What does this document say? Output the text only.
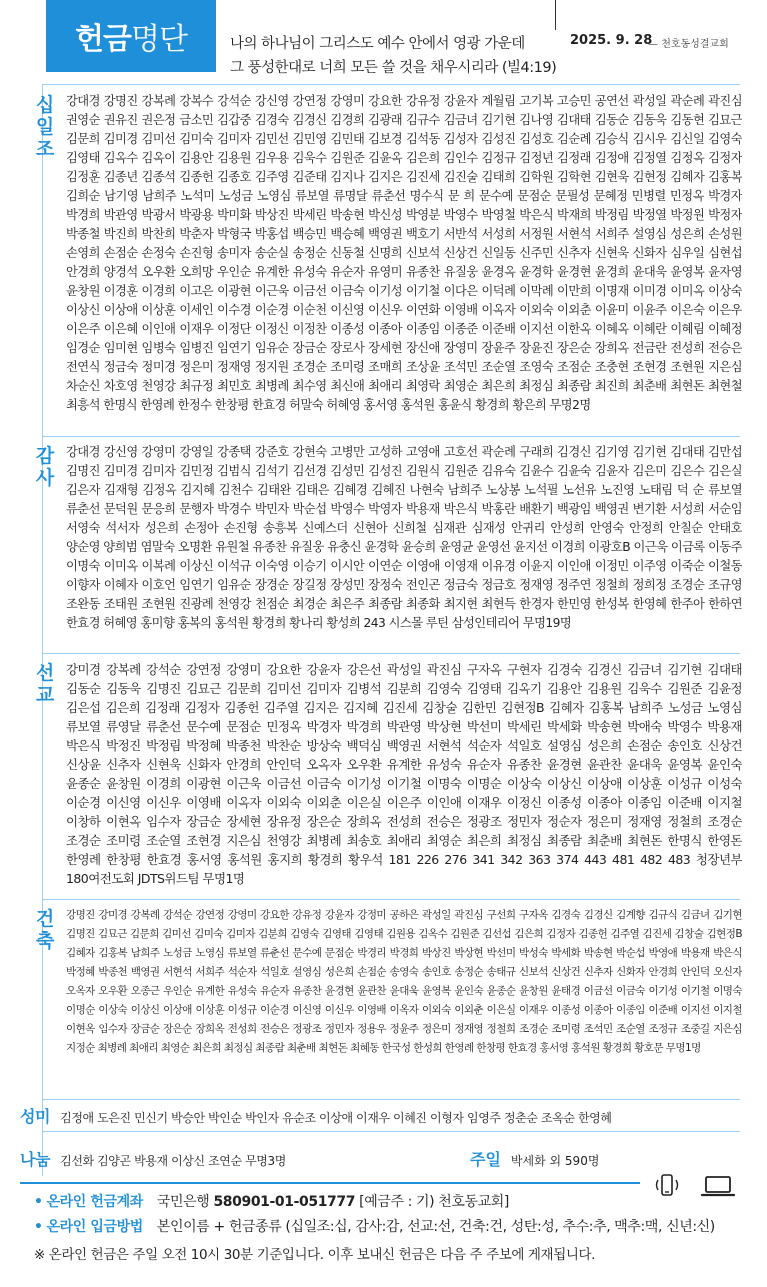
헌금 명단	나의 하나님이 그리스도 예수 안에서 영광 가운데
그 풍성한대로 너희 모든 쓸 것을 채우시리라 (빌4:19)
2025. 9. 28
— 천호동성결교회
십
일
조
강대경 강명진 강복례 강복수 강석순 강신영 강연정 강영미 강요한 강유정 강윤자 계월림 고기복 고승민 공연선 곽성일 곽순례 곽진심 권영순 권유진 권은정 금소민 김갑중 김경숙 김경신 김경희 김광래 김규수 김금녀 김기현 김나영 김대태 김동순 김동욱 김동현 김묘근 김문희 김미경 김미선 김미숙 김미자 김민선 김민영 김민태 김보경 김석동 김성자 김성진 김성호 김순례 김승식 김시우 김신일 김영숙 김영태 김옥수 김옥이 김용안 김용원 김우용 김욱수 김원준 김윤옥 김은희 김인수 김정규 김정년 김정래 김정애 김정열 김정옥 김정자 김정훈 김종년 김종석 김종헌 김종호 김주영 김준태 김지나 김지은 김진세 김진술 김태희 김학원 김학현 김현욱 김현정 김혜자 김홍복 김희순 남기영 남희주 노석미 노성금 노영심 류보열 류명달 류춘선 명수식 문 희 문수예 문점순 문필성 문혜정 민병렬 민정옥 박경자 박경희 박관영 박광서 박광용 박미화 박상진 박세린 박송현 박신성 박영분 박영수 박영철 박은식 박재희 박정림 박정열 박정원 박정자 박종철 박진희 박찬희 박춘자 박형국 박홍섭 백승민 백승혜 백영권 백호기 서반석 서성희 서정원 서현석 서희주 설영심 성은희 손성원 손영희 손점순 손정숙 손진형 송미자 송순실 송정순 신동철 신명희 신보석 신상건 신일동 신주민 신추자 신현욱 신화자 심우일 심현섭 안경희 양경석 오우환 오희망 우인순 유계한 유성숙 유순자 유영미 유종찬 유질웅 윤경옥 윤경학 윤경현 윤경희 윤대욱 윤영복 윤자영 윤창원 이경훈 이경희 이고은 이광현 이근욱 이금선 이금숙 이기성 이기철 이다은 이덕례 이막례 이만희 이명재 이미경 이미옥 이상숙 이상신 이상애 이상훈 이세인 이수경 이순경 이순천 이신영 이신우 이연화 이영배 이옥자 이외숙 이외춘 이윤미 이윤주 이은숙 이은우 이은주 이은혜 이인애 이재우 이정단 이정신 이정찬 이종성 이종아 이종임 이종준 이준배 이지선 이한옥 이혜옥 이혜란 이혜림 이혜정 임경순 임미현 임병숙 임병진 임연기 임유순 장금순 장로사 장세현 장신애 장영미 장윤주 장윤진 장은순 장희옥 전금란 전성희 전승은 전연식 정금숙 정미경 정은미 정재영 정지원 조경순 조미령 조매희 조상윤 조석민 조순열 조영숙 조점순 조충현 조현경 조현원 지은심 차순신 차호영 천영강 최규정 최민호 최병례 최수영 최신애 최애리 최영락 최영순 최은희 최정심 최종람 최진희 최춘배 최현돈 최현철 최흥석 한명식 한영례 한정수 한창평 한효경 허말숙 허혜영 홍서영 홍석원 홍윤식 황경희 황은희 무명2명
감
사
강대경 강신영 강영미 강영일 강종택 강준호 강현숙 고병만 고성하 고영애 고호선 곽순례 구래희 김경신 김기영 김기현 김대태 김만섭 김명진 김미경 김미자 김민정 김범식 김석기 김선경 김성민 김성진 김원식 김원준 김유숙 김윤수 김윤숙 김윤자 김은미 김은수 김은실 김은자 김재형 김정옥 김지혜 김천수 김태완 김태은 김혜경 김혜진 나현숙 남희주 노상봉 노석필 노선유 노진영 노태림 덕 순 류보열 류춘선 문덕원 문응희 문행자 박경수 박민자 박순섭 박영수 박영자 박용재 박은식 박홍란 배환기 백광임 백영권 변기환 서성희 서순임 서영숙 석서자 성은희 손정아 손진형 송흥복 신예스더 신현아 신희철 심재관 심재성 안귀리 안성희 안영숙 안정희 안칠순 안태호 양순영 양희범 염말숙 오명환 유원철 유종찬 유질웅 유충신 윤경학 윤승희 윤영균 윤영선 윤지선 이경희 이광호B 이근욱 이금록 이동주 이명숙 이미옥 이복례 이상신 이석규 이숙영 이승기 이시안 이연순 이영애 이영재 이유경 이윤지 이인애 이정민 이주영 이죽순 이철동 이향자 이혜자 이호언 임연기 임유순 장경순 장길정 장성민 장정숙 전인곤 정금숙 정금호 정재영 정주연 정철희 정희정 조경순 조규영 조완동 조태원 조현원 진광례 천영강 천점순 최경순 최은주 최종람 최종화 최지현 최현득 한경자 한민영 한성복 한영혜 한주아 한하연 한효경 허혜영 홍미향 홍복의 홍석원 황경희 황나리 황성희 243 시스몰 루틴 삼성인테리어 무명19명
선
교
강미경 강복례 강석순 강연정 강영미 강요한 강윤자 강은선 곽성일 곽진심 구자옥 구현자 김경숙 김경신 김금녀 김기현 김대태 김동순 김동욱 김명진 김묘근 김문희 김미선 김미자 김병석 김분희 김영숙 김영태 김옥기 김용안 김용원 김욱수 김원준 김윤정 김은섭 김은희 김정래 김정자 김종헌 김주열 김지은 김지혜 김진세 김창술 김한민 김현정B 김혜자 김홍복 남희주 노성금 노영심 류보열 류영달 류춘선 문수예 문점순 민정옥 박경자 박경희 박관영 박상현 박선미 박세린 박세화 박송현 박애숙 박영수 박용재 박은식 박정진 박정림 박정혜 박종천 박찬순 방상숙 백덕심 백영권 서현석 석순자 석일호 설영심 성은희 손점순 송인호 신상건 신상윤 신추자 신현욱 신화자 안경희 안인덕 오옥자 오우환 유계한 유성숙 유순자 유종찬 윤경현 윤관찬 윤대욱 윤영복 윤인숙 윤종순 윤창원 이경희 이광현 이근욱 이금선 이금숙 이기성 이기철 이명숙 이명순 이상숙 이상신 이상애 이상훈 이성규 이성숙 이순경 이신영 이신우 이영배 이옥자 이외숙 이외춘 이은실 이은주 이인애 이재우 이정신 이종성 이종아 이종임 이준배 이지철 이창하 이현옥 임수자 장금순 장세현 장유정 장은순 장희옥 전성희 전승은 정광조 정민자 정순자 정은미 정재영 정철희 조경순 조경순 조미령 조순열 조현경 지은심 천영강 최병례 최송호 최애리 최영순 최은희 최정심 최종람 최춘배 최현돈 한명식 한영돈 한영례 한창평 한효경 홍서영 홍석원 홍지희 황경희 황우석 181 226 276 341 342 363 374 443 481 482 483 청장년부 180여전도회 JDTS위드팀 무명1명
건
축
강명진 강미경 강복례 강석순 강연정 강영미 강요한 강유정 강윤자 강정미 공하은 곽성일 곽진심 구선희 구자옥 김경숙 김경신 김계향 김규식 김금녀 김기현 김명진 김묘근 김문희 김미선 김미숙 김미자 김분희 김영숙 김영태 김영태 김원용 김옥수 김원준 김선섭 김은희 김정자 김종헌 김주열 김진세 김창술 김현정B 김혜자 김홍복 남희주 노성금 노영심 류보열 류춘선 문수예 문점순 박경리 박경희 박상진 박상현 박선미 박성숙 박세화 박송현 박순섭 박영애 박용재 박은식 박정혜 박종천 백영권 서현석 서희주 석순자 석일호 설영심 성은희 손점순 송영숙 송인호 송정순 송태규 신보석 신상건 신추자 신화자 안경희 안인덕 오신자 오옥자 오우환 오종근 우인순 유계한 유성숙 유순자 유종찬 윤경현 윤관찬 윤대욱 윤영복 윤인숙 윤종순 윤창원 윤태경 이금선 이금숙 이기성 이기철 이명숙 이명순 이상숙 이상신 이상애 이상훈 이성규 이순경 이신영 이신우 이영배 이옥자 이외숙 이외춘 이은실 이재우 이종성 이종아 이종임 이준배 이지선 이지철 이현옥 임수자 장금순 장은순 장희옥 전성희 전승은 정광조 정민자 정용우 정윤주 정은미 정재영 정철희 조경순 조미령 조석민 조순열 조정규 조중길 지은심 지정순 최병례 최애리 최영순 최은희 최정심 최종람 최춘배 최현돈 최혜동 한국성 한성희 한영례 한창평 한효경 홍서영 홍석원 황경희 황호문 무명1명
성미 김정애 도은진 민신기 박승안 박인순 박인자 유순조 이상애 이재우 이혜진 이형자 임영주 정춘순 조옥순 한영혜
나눔 김선화 김양곤 박용재 이상신 조연순 무명3명	주일 박세화 외 590명
• 온라인 헌금계좌 국민은행 580901-01-051777 [예금주 : 기) 천호동교회]
• 온라인 입금방법 본인이름 + 헌금종류 (십일조:십, 감사:감, 선교:선, 건축:건, 성탄:성, 추수:추, 맥추:맥, 신년:신)
※ 온라인 헌금은 주일 오전 10시 30분 기준입니다. 이후 보내신 헌금은 다음 주 주보에 게재됩니다.
